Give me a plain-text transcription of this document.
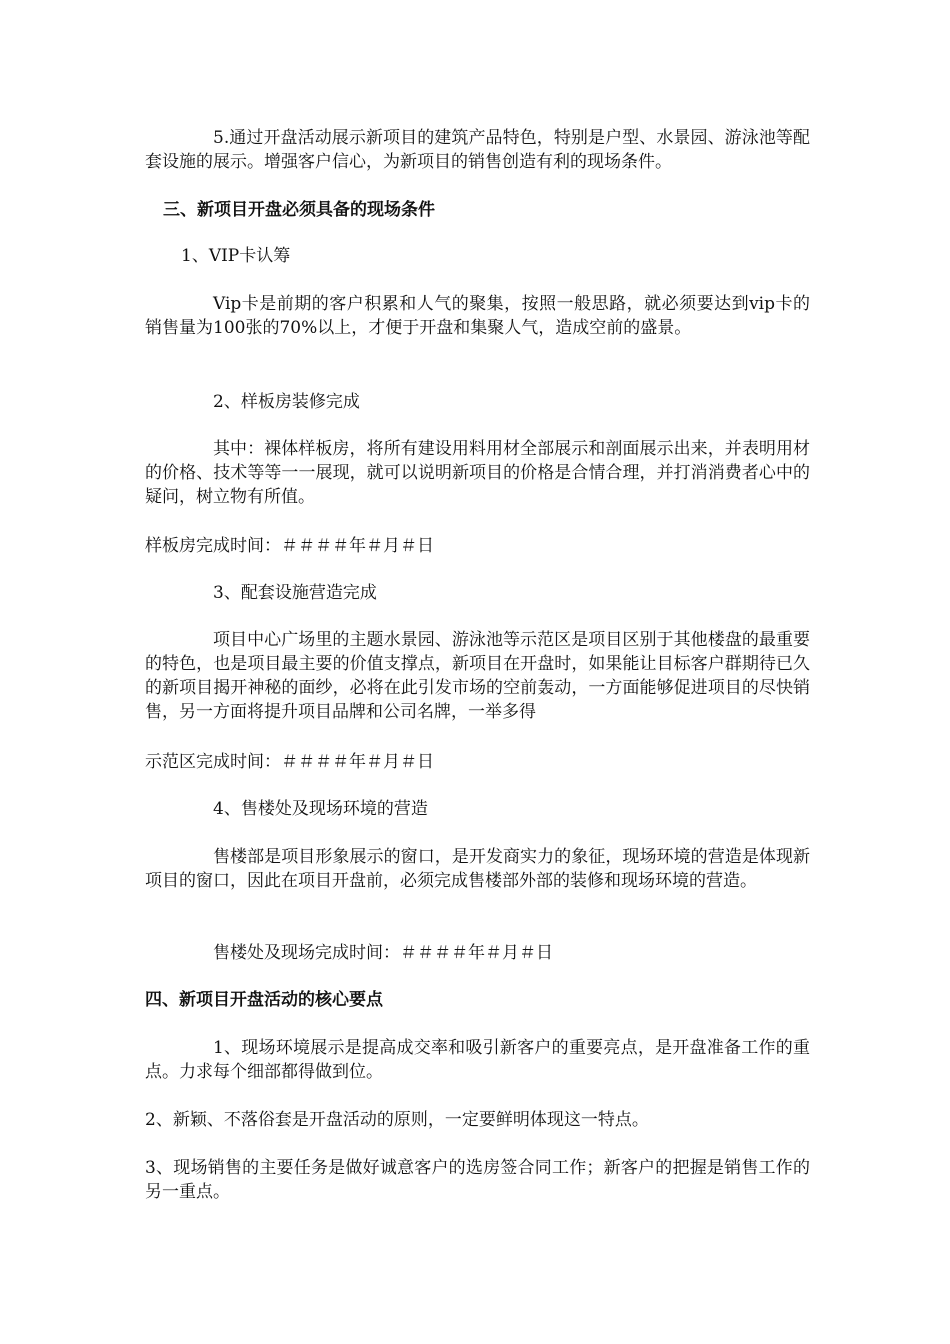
5.通过开盘活动展示新项目的建筑产品特色，特别是户型、水景园、游泳池等配套设施的展示。增强客户信心，为新项目的销售创造有利的现场条件。

三、新项目开盘必须具备的现场条件

1、VIP卡认筹

Vip卡是前期的客户积累和人气的聚集，按照一般思路，就必须要达到vip卡的销售量为100张的70%以上，才便于开盘和集聚人气，造成空前的盛景。

2、样板房装修完成

其中：裸体样板房，将所有建设用料用材全部展示和剖面展示出来，并表明用材的价格、技术等等一一展现，就可以说明新项目的价格是合情合理，并打消消费者心中的疑问，树立物有所值。

样板房完成时间：＃＃＃＃年＃月＃日

3、配套设施营造完成

项目中心广场里的主题水景园、游泳池等示范区是项目区别于其他楼盘的最重要的特色，也是项目最主要的价值支撑点，新项目在开盘时，如果能让目标客户群期待已久的新项目揭开神秘的面纱，必将在此引发市场的空前轰动，一方面能够促进项目的尽快销售，另一方面将提升项目品牌和公司名牌，一举多得

示范区完成时间：＃＃＃＃年＃月＃日

4、售楼处及现场环境的营造

售楼部是项目形象展示的窗口，是开发商实力的象征，现场环境的营造是体现新项目的窗口，因此在项目开盘前，必须完成售楼部外部的装修和现场环境的营造。

售楼处及现场完成时间：＃＃＃＃年＃月＃日

四、新项目开盘活动的核心要点

1、现场环境展示是提高成交率和吸引新客户的重要亮点，是开盘准备工作的重点。力求每个细部都得做到位。

2、新颖、不落俗套是开盘活动的原则，一定要鲜明体现这一特点。

3、现场销售的主要任务是做好诚意客户的选房签合同工作；新客户的把握是销售工作的另一重点。
